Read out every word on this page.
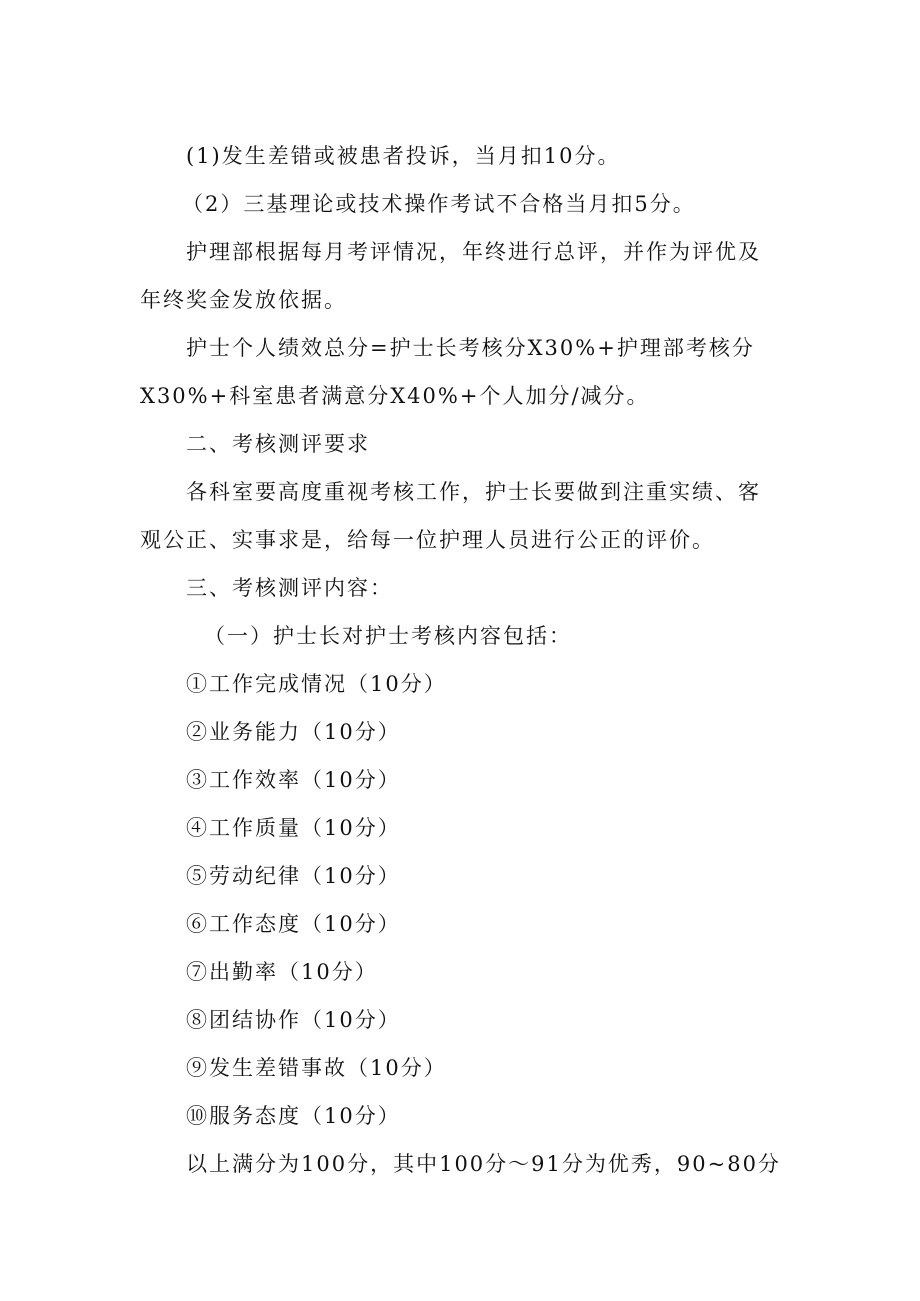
(1)发生差错或被患者投诉，当月扣10分。
（2）三基理论或技术操作考试不合格当月扣5分。
护理部根据每月考评情况，年终进行总评，并作为评优及
年终奖金发放依据。
护士个人绩效总分=护士长考核分X30%+护理部考核分
X30%+科室患者满意分X40%+个人加分/减分。
二、考核测评要求
各科室要高度重视考核工作，护士长要做到注重实绩、客
观公正、实事求是，给每一位护理人员进行公正的评价。
三、考核测评内容：
（一）护士长对护士考核内容包括：
①工作完成情况（10分）
②业务能力（10分）
③工作效率（10分）
④工作质量（10分）
⑤劳动纪律（10分）
⑥工作态度（10分）
⑦出勤率（10分）
⑧团结协作（10分）
⑨发生差错事故（10分）
⑩服务态度（10分）
以上满分为100分，其中100分～91分为优秀，90~80分
